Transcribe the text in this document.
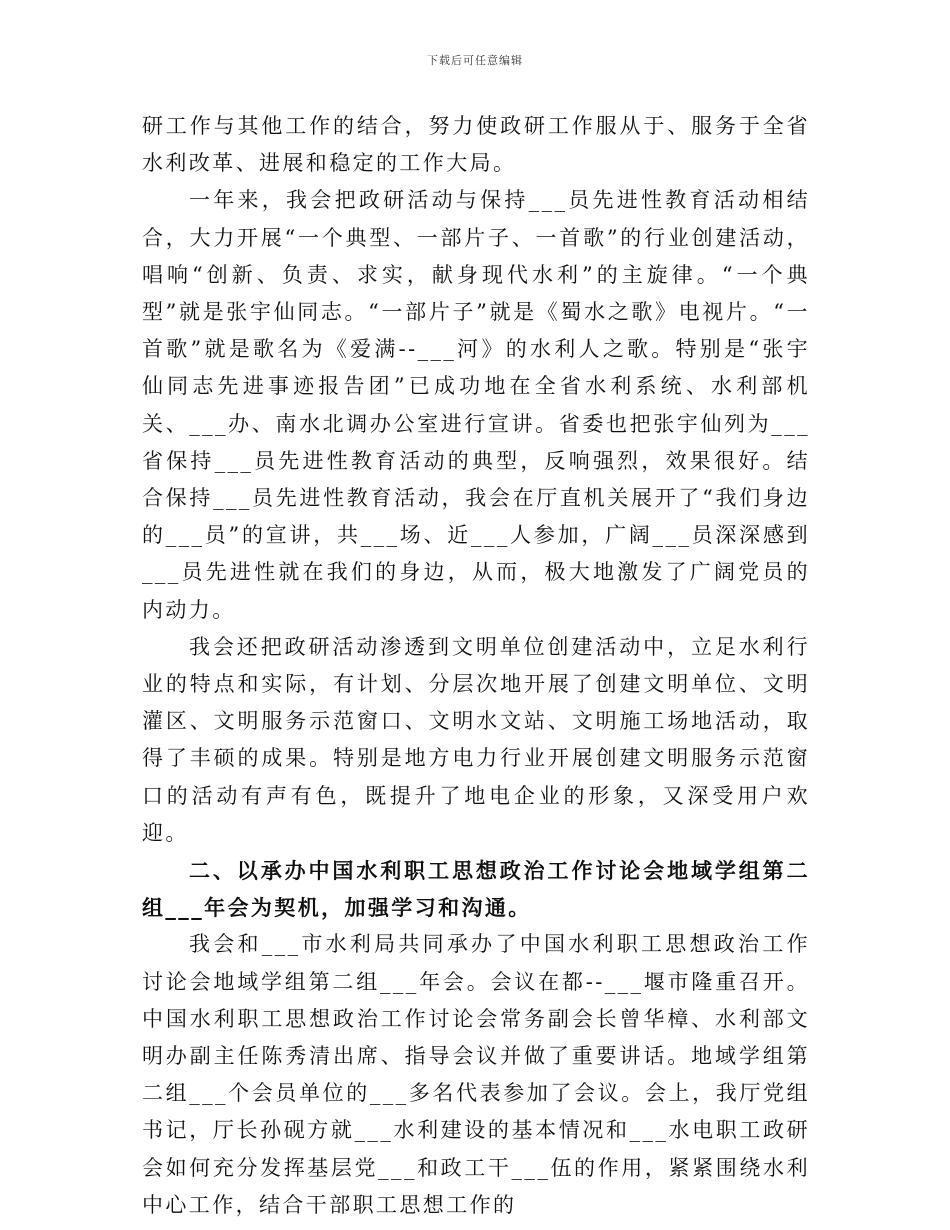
下载后可任意编辑

研工作与其他工作的结合，努力使政研工作服从于、服务于全省水利改革、进展和稳定的工作大局。

一年来，我会把政研活动与保持___员先进性教育活动相结合，大力开展“一个典型、一部片子、一首歌”的行业创建活动，唱响“创新、负责、求实，献身现代水利”的主旋律。“一个典型”就是张宇仙同志。“一部片子”就是《蜀水之歌》电视片。“一首歌”就是歌名为《爱满--___河》的水利人之歌。特别是“张宇仙同志先进事迹报告团”已成功地在全省水利系统、水利部机关、___办、南水北调办公室进行宣讲。省委也把张宇仙列为___省保持___员先进性教育活动的典型，反响强烈，效果很好。结合保持___员先进性教育活动，我会在厅直机关展开了“我们身边的___员”的宣讲，共___场、近___人参加，广阔___员深深感到___员先进性就在我们的身边，从而，极大地激发了广阔党员的内动力。

我会还把政研活动渗透到文明单位创建活动中，立足水利行业的特点和实际，有计划、分层次地开展了创建文明单位、文明灌区、文明服务示范窗口、文明水文站、文明施工场地活动，取得了丰硕的成果。特别是地方电力行业开展创建文明服务示范窗口的活动有声有色，既提升了地电企业的形象，又深受用户欢迎。

二、以承办中国水利职工思想政治工作讨论会地域学组第二组___年会为契机，加强学习和沟通。

我会和___市水利局共同承办了中国水利职工思想政治工作讨论会地域学组第二组___年会。会议在都--___堰市隆重召开。中国水利职工思想政治工作讨论会常务副会长曾华樟、水利部文明办副主任陈秀清出席、指导会议并做了重要讲话。地域学组第二组___个会员单位的___多名代表参加了会议。会上，我厅党组书记，厅长孙砚方就___水利建设的基本情况和___水电职工政研会如何充分发挥基层党___和政工干___伍的作用，紧紧围绕水利中心工作，结合干部职工思想工作的
